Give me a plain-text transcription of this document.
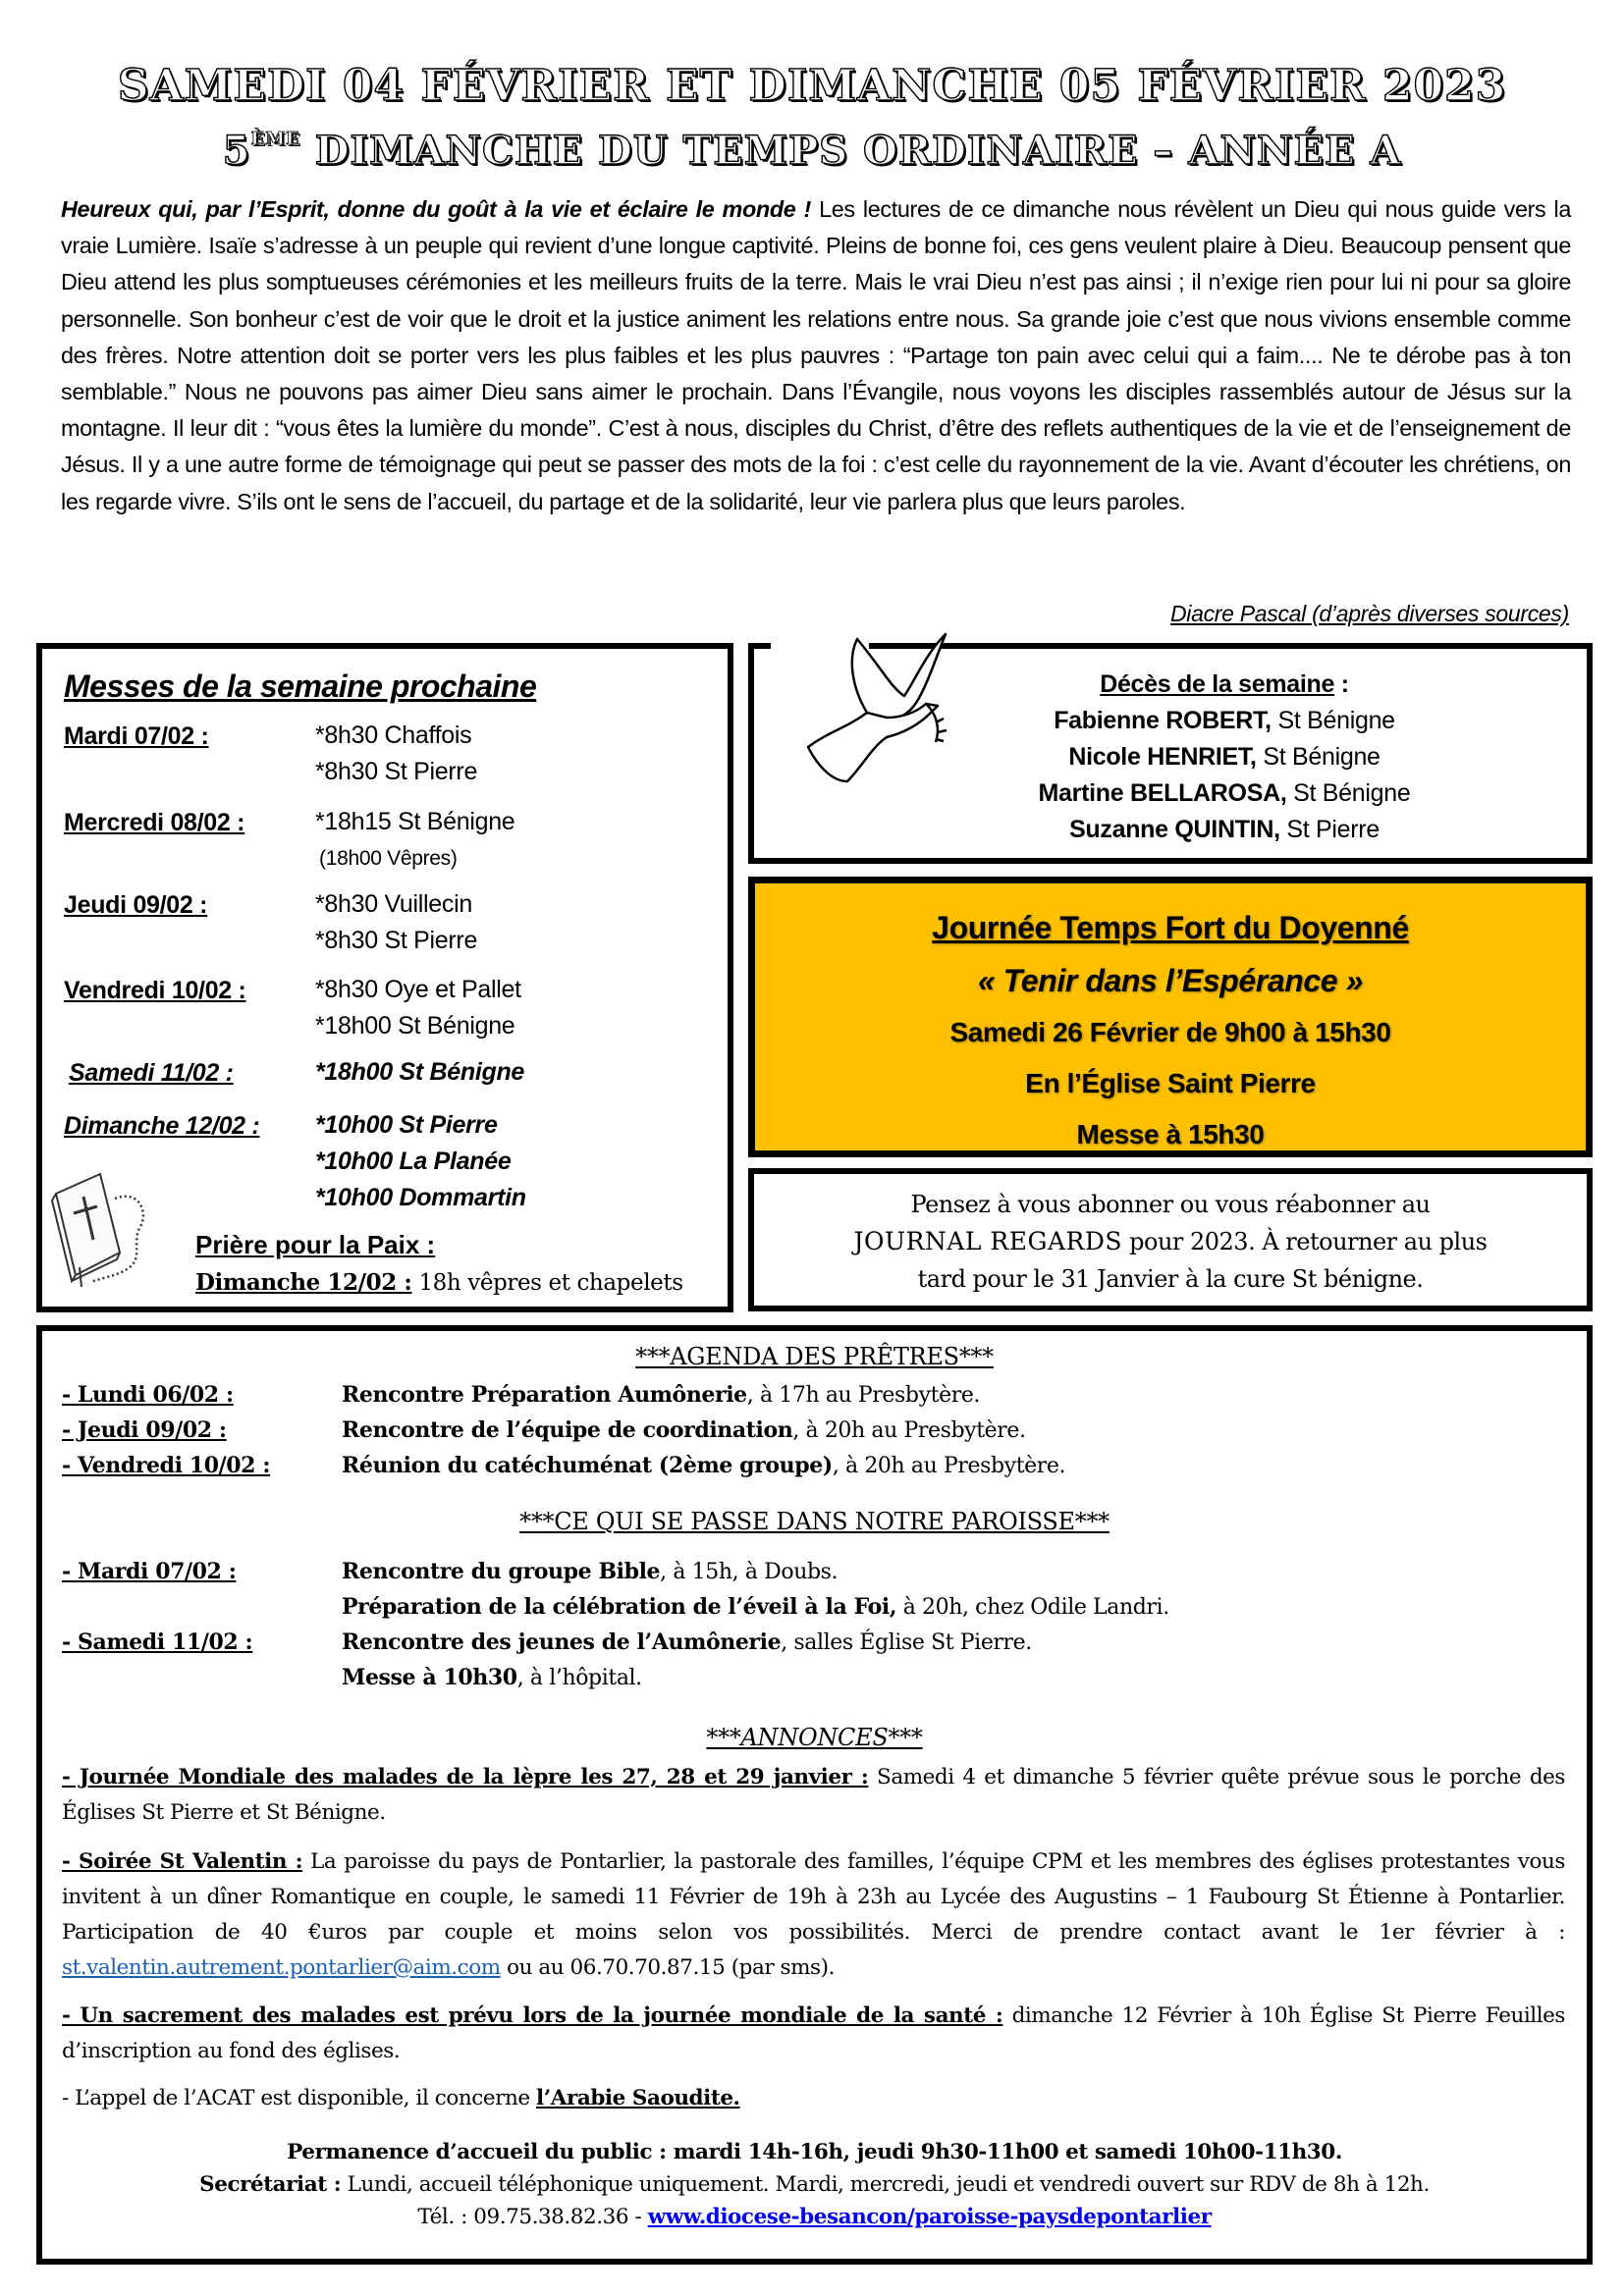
SAMEDI 04 FÉVRIER ET DIMANCHE 05 FÉVRIER 2023
5ÈME DIMANCHE DU TEMPS ORDINAIRE – ANNÉE A
Heureux qui, par l’Esprit, donne du goût à la vie et éclaire le monde ! Les lectures de ce dimanche nous révèlent un Dieu qui nous guide vers la vraie Lumière. Isaïe s’adresse à un peuple qui revient d’une longue captivité. Pleins de bonne foi, ces gens veulent plaire à Dieu. Beaucoup pensent que Dieu attend les plus somptueuses cérémonies et les meilleurs fruits de la terre. Mais le vrai Dieu n’est pas ainsi ; il n’exige rien pour lui ni pour sa gloire personnelle. Son bonheur c’est de voir que le droit et la justice animent les relations entre nous. Sa grande joie c’est que nous vivions ensemble comme des frères. Notre attention doit se porter vers les plus faibles et les plus pauvres : “Partage ton pain avec celui qui a faim.... Ne te dérobe pas à ton semblable.” Nous ne pouvons pas aimer Dieu sans aimer le prochain. Dans l’Évangile, nous voyons les disciples rassemblés autour de Jésus sur la montagne. Il leur dit : “vous êtes la lumière du monde”. C’est à nous, disciples du Christ, d’être des reflets authentiques de la vie et de l’enseignement de Jésus. Il y a une autre forme de témoignage qui peut se passer des mots de la foi : c’est celle du rayonnement de la vie. Avant d’écouter les chrétiens, on les regarde vivre. S’ils ont le sens de l’accueil, du partage et de la solidarité, leur vie parlera plus que leurs paroles.
Diacre Pascal (d’après diverses sources)
Messes de la semaine prochaine
Mardi 07/02 :	*8h30 Chaffois
*8h30 St Pierre
Mercredi 08/02 :	*18h15 St Bénigne
(18h00 Vêpres)
Jeudi 09/02 :	*8h30 Vuillecin
*8h30 St Pierre
Vendredi 10/02 :	*8h30 Oye et Pallet
*18h00 St Bénigne
Samedi 11/02 :	*18h00 St Bénigne
Dimanche 12/02 : *10h00 St Pierre
*10h00 La Planée
*10h00 Dommartin
Prière pour la Paix :
Dimanche 12/02 : 18h vêpres et chapelets
Décès de la semaine :
Fabienne ROBERT, St Bénigne
Nicole HENRIET, St Bénigne
Martine BELLAROSA, St Bénigne
Suzanne QUINTIN, St Pierre
Journée Temps Fort du Doyenné
« Tenir dans l’Espérance »
Samedi 26 Février de 9h00 à 15h30
En l’Église Saint Pierre
Messe à 15h30
Pensez à vous abonner ou vous réabonner au
JOURNAL REGARDS pour 2023. À retourner au plus
tard pour le 31 Janvier à la cure St bénigne.
***AGENDA DES PRÊTRES***
- Lundi 06/02 :	Rencontre Préparation Aumônerie, à 17h au Presbytère.
- Jeudi 09/02 :	Rencontre de l’équipe de coordination, à 20h au Presbytère.
- Vendredi 10/02 :	Réunion du catéchuménat (2ème groupe), à 20h au Presbytère.
***CE QUI SE PASSE DANS NOTRE PAROISSE***
- Mardi 07/02 :	Rencontre du groupe Bible, à 15h, à Doubs.
Préparation de la célébration de l’éveil à la Foi, à 20h, chez Odile Landri.
- Samedi 11/02 :	Rencontre des jeunes de l’Aumônerie, salles Église St Pierre.
Messe à 10h30, à l’hôpital.
***ANNONCES***
- Journée Mondiale des malades de la lèpre les 27, 28 et 29 janvier : Samedi 4 et dimanche 5 février quête prévue sous le porche des Églises St Pierre et St Bénigne.
- Soirée St Valentin : La paroisse du pays de Pontarlier, la pastorale des familles, l’équipe CPM et les membres des églises protestantes vous invitent à un dîner Romantique en couple, le samedi 11 Février de 19h à 23h au Lycée des Augustins – 1 Faubourg St Étienne à Pontarlier. Participation de 40 €uros par couple et moins selon vos possibilités. Merci de prendre contact avant le 1er février à : st.valentin.autrement.pontarlier@aim.com ou au 06.70.70.87.15 (par sms).
- Un sacrement des malades est prévu lors de la journée mondiale de la santé : dimanche 12 Février à 10h Église St Pierre Feuilles d’inscription au fond des églises.
- L’appel de l’ACAT est disponible, il concerne l’Arabie Saoudite.
Permanence d’accueil du public : mardi 14h-16h, jeudi 9h30-11h00 et samedi 10h00-11h30.
Secrétariat : Lundi, accueil téléphonique uniquement. Mardi, mercredi, jeudi et vendredi ouvert sur RDV de 8h à 12h.
Tél. : 09.75.38.82.36 - www.diocese-besancon/paroisse-paysdepontarlier
